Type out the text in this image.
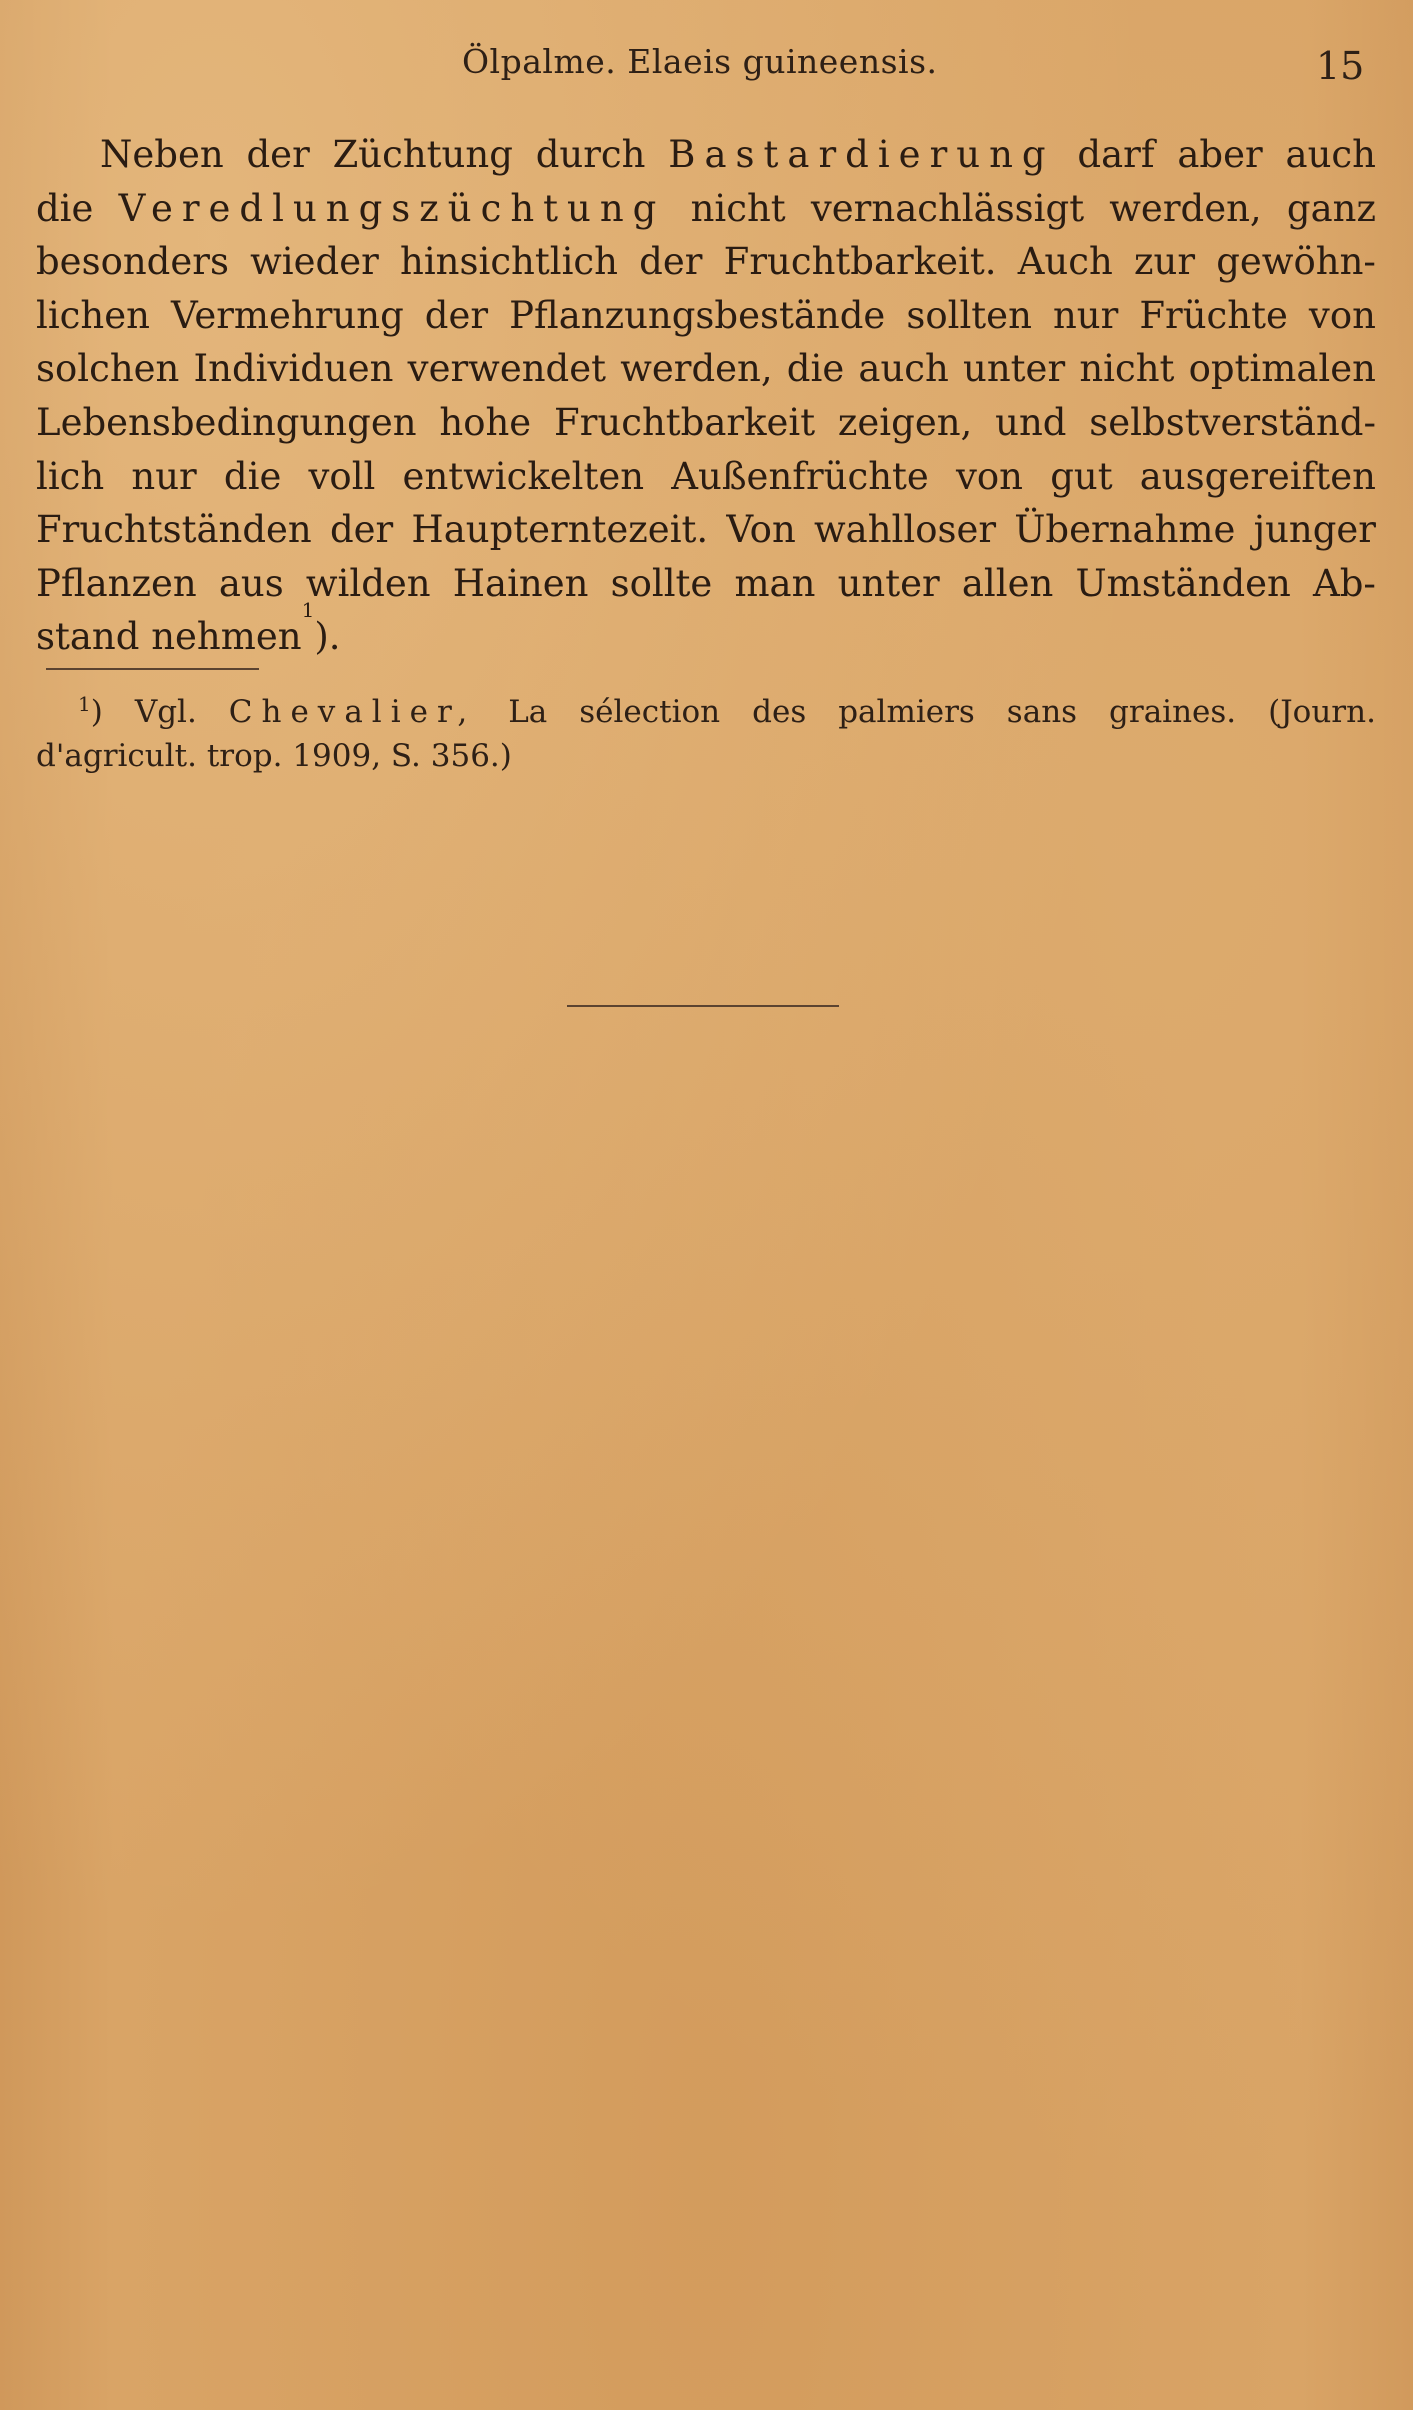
Ölpalme. Elaeis guineensis.	15
Neben der Züchtung durch Bastardierung darf aber auch
die Veredlungszüchtung nicht vernachlässigt werden, ganz
besonders wieder hinsichtlich der Fruchtbarkeit. Auch zur gewöhn-
lichen Vermehrung der Pflanzungsbestände sollten nur Früchte von
solchen Individuen verwendet werden, die auch unter nicht optimalen
Lebensbedingungen hohe Fruchtbarkeit zeigen, und selbstverständ-
lich nur die voll entwickelten Außenfrüchte von gut ausgereiften
Fruchtständen der Haupterntezeit. Von wahlloser Übernahme junger
Pflanzen aus wilden Hainen sollte man unter allen Umständen Ab-
stand
nehmen
1
).
1) Vgl. Chevalier, La sélection des palmiers sans graines. (Journ.
d'agricult. trop. 1909, S. 356.)
